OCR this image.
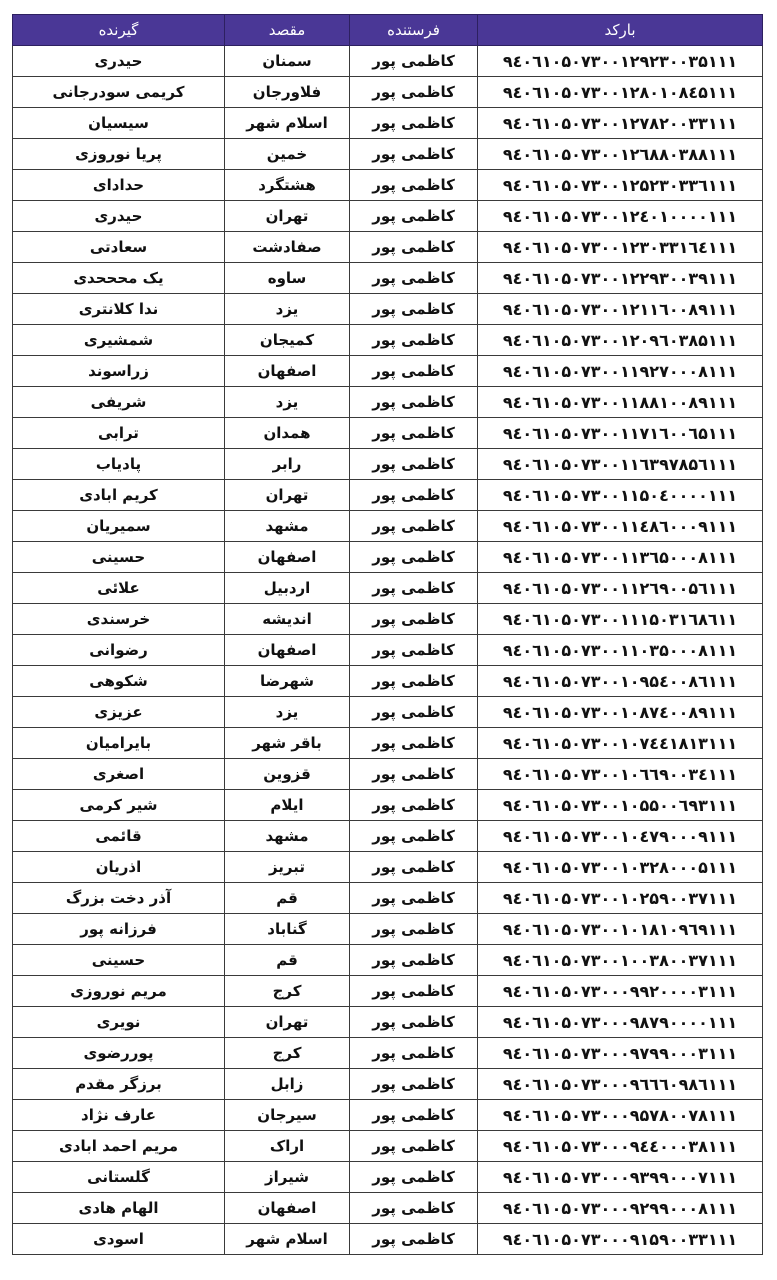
بارکد	فرستنده	مقصد	گیرنده
۹٤۰٦۱۰۵۰۷۳۰۰۱۲۹۲۳۰۰۳۵۱۱۱	کاظمی پور	سمنان	حیدری
۹٤۰٦۱۰۵۰۷۳۰۰۱۲۸۰۱۰۸٤۵۱۱۱	کاظمی پور	فلاورجان	کریمی سودرجانی
۹٤۰٦۱۰۵۰۷۳۰۰۱۲۷۸۲۰۰۳۳۱۱۱	کاظمی پور	اسلام شهر	سیسیان
۹٤۰٦۱۰۵۰۷۳۰۰۱۲٦۸۸۰۳۸۸۱۱۱	کاظمی پور	خمین	پریا نوروزی
۹٤۰٦۱۰۵۰۷۳۰۰۱۲۵۲۳۰۳۳٦۱۱۱	کاظمی پور	هشتگرد	حدادای
۹٤۰٦۱۰۵۰۷۳۰۰۱۲٤۰۱۰۰۰۰۱۱۱	کاظمی پور	تهران	حیدری
۹٤۰٦۱۰۵۰۷۳۰۰۱۲۳۰۳۳۱٦٤۱۱۱	کاظمی پور	صفادشت	سعادتی
۹٤۰٦۱۰۵۰۷۳۰۰۱۲۲۹۳۰۰۳۹۱۱۱	کاظمی پور	ساوه	یک محححدی
۹٤۰٦۱۰۵۰۷۳۰۰۱۲۱۱٦۰۰۸۹۱۱۱	کاظمی پور	یزد	ندا کلانتری
۹٤۰٦۱۰۵۰۷۳۰۰۱۲۰۹٦۰۳۸۵۱۱۱	کاظمی پور	کمیجان	شمشیری
۹٤۰٦۱۰۵۰۷۳۰۰۱۱۹۲۷۰۰۰۸۱۱۱	کاظمی پور	اصفهان	زراسوند
۹٤۰٦۱۰۵۰۷۳۰۰۱۱۸۸۱۰۰۸۹۱۱۱	کاظمی پور	یزد	شریفی
۹٤۰٦۱۰۵۰۷۳۰۰۱۱۷۱٦۰۰٦۵۱۱۱	کاظمی پور	همدان	ترابی
۹٤۰٦۱۰۵۰۷۳۰۰۱۱٦۳۹۷۸۵٦۱۱۱	کاظمی پور	رابر	پادیاب
۹٤۰٦۱۰۵۰۷۳۰۰۱۱۵۰٤۰۰۰۰۱۱۱	کاظمی پور	تهران	کریم ابادی
۹٤۰٦۱۰۵۰۷۳۰۰۱۱٤۸٦۰۰۰۹۱۱۱	کاظمی پور	مشهد	سمیریان
۹٤۰٦۱۰۵۰۷۳۰۰۱۱۳٦۵۰۰۰۸۱۱۱	کاظمی پور	اصفهان	حسینی
۹٤۰٦۱۰۵۰۷۳۰۰۱۱۲٦۹۰۰۵٦۱۱۱	کاظمی پور	اردبیل	علائی
۹٤۰٦۱۰۵۰۷۳۰۰۱۱۱۵۰۳۱٦۸٦۱۱	کاظمی پور	اندیشه	خرسندی
۹٤۰٦۱۰۵۰۷۳۰۰۱۱۰۳۵۰۰۰۸۱۱۱	کاظمی پور	اصفهان	رضوانی
۹٤۰٦۱۰۵۰۷۳۰۰۱۰۹۵٤۰۰۸٦۱۱۱	کاظمی پور	شهرضا	شکوهی
۹٤۰٦۱۰۵۰۷۳۰۰۱۰۸۷٤۰۰۸۹۱۱۱	کاظمی پور	یزد	عزیزی
۹٤۰٦۱۰۵۰۷۳۰۰۱۰۷٤٤۱۸۱۳۱۱۱	کاظمی پور	باقر شهر	بایرامیان
۹٤۰٦۱۰۵۰۷۳۰۰۱۰٦٦۹۰۰۳٤۱۱۱	کاظمی پور	قزوین	اصغری
۹٤۰٦۱۰۵۰۷۳۰۰۱۰۵۵۰۰٦۹۳۱۱۱	کاظمی پور	ایلام	شیر کرمی
۹٤۰٦۱۰۵۰۷۳۰۰۱۰٤۷۹۰۰۰۹۱۱۱	کاظمی پور	مشهد	قائمی
۹٤۰٦۱۰۵۰۷۳۰۰۱۰۳۲۸۰۰۰۵۱۱۱	کاظمی پور	تبریز	اذریان
۹٤۰٦۱۰۵۰۷۳۰۰۱۰۲۵۹۰۰۳۷۱۱۱	کاظمی پور	قم	آذر دخت بزرگ
۹٤۰٦۱۰۵۰۷۳۰۰۱۰۱۸۱۰۹٦۹۱۱۱	کاظمی پور	گناباد	فرزانه پور
۹٤۰٦۱۰۵۰۷۳۰۰۱۰۰۳۸۰۰۳۷۱۱۱	کاظمی پور	قم	حسینی
۹٤۰٦۱۰۵۰۷۳۰۰۰۹۹۲۰۰۰۰۳۱۱۱	کاظمی پور	کرج	مریم نوروزی
۹٤۰٦۱۰۵۰۷۳۰۰۰۹۸۷۹۰۰۰۰۱۱۱	کاظمی پور	تهران	نویری
۹٤۰٦۱۰۵۰۷۳۰۰۰۹۷۹۹۰۰۰۳۱۱۱	کاظمی پور	کرج	پوررضوی
۹٤۰٦۱۰۵۰۷۳۰۰۰۹٦٦٦۰۹۸٦۱۱۱	کاظمی پور	زابل	برزگر مقدم
۹٤۰٦۱۰۵۰۷۳۰۰۰۹۵۷۸۰۰۷۸۱۱۱	کاظمی پور	سیرجان	عارف نژاد
۹٤۰٦۱۰۵۰۷۳۰۰۰۹٤٤۰۰۰۳۸۱۱۱	کاظمی پور	اراک	مریم احمد ابادی
۹٤۰٦۱۰۵۰۷۳۰۰۰۹۳۹۹۰۰۰۷۱۱۱	کاظمی پور	شیراز	گلستانی
۹٤۰٦۱۰۵۰۷۳۰۰۰۹۲۹۹۰۰۰۸۱۱۱	کاظمی پور	اصفهان	الهام هادی
۹٤۰٦۱۰۵۰۷۳۰۰۰۹۱۵۹۰۰۳۳۱۱۱	کاظمی پور	اسلام شهر	اسودی
